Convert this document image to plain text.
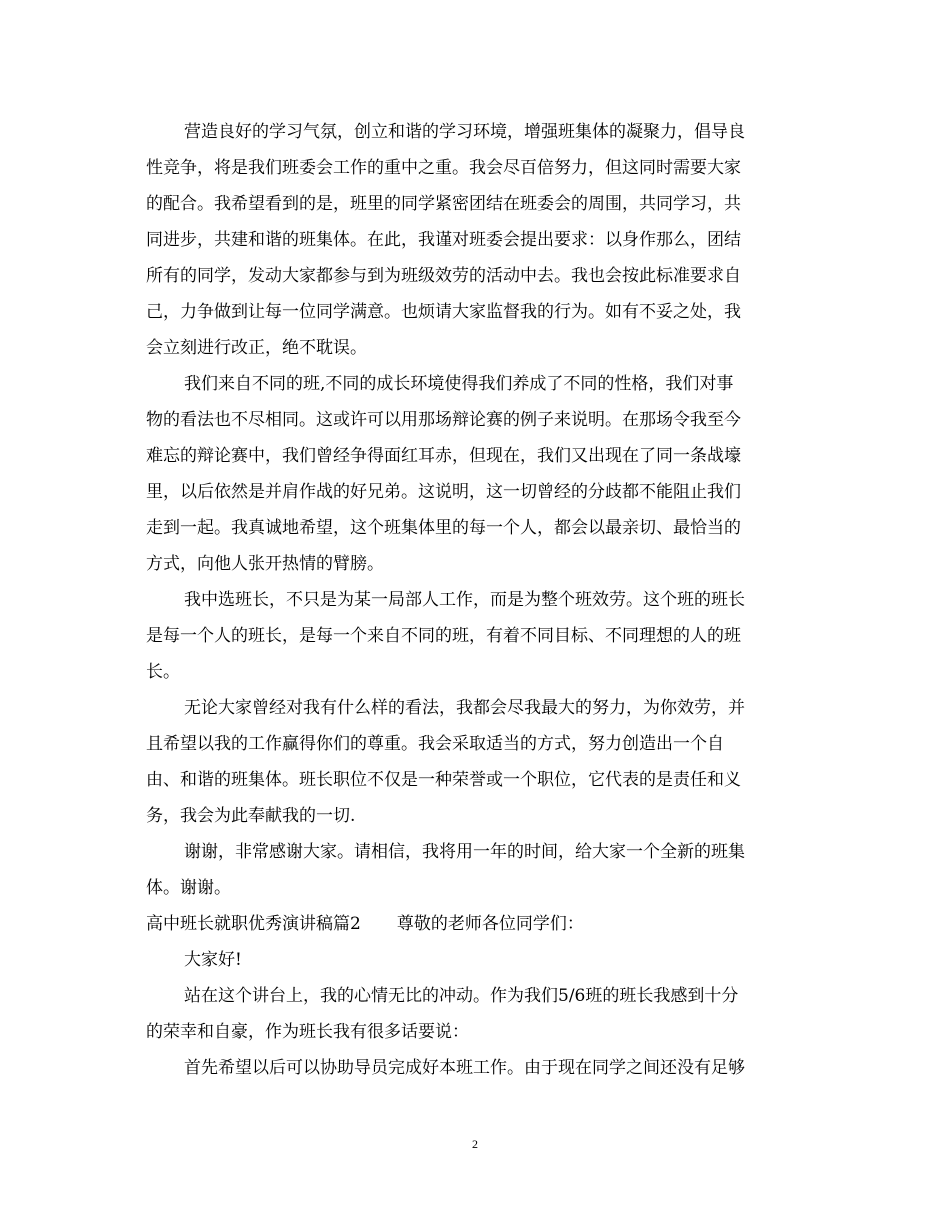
营造良好的学习气氛，创立和谐的学习环境，增强班集体的凝聚力，倡导良
性竞争，将是我们班委会工作的重中之重。我会尽百倍努力，但这同时需要大家
的配合。我希望看到的是，班里的同学紧密团结在班委会的周围，共同学习，共
同进步，共建和谐的班集体。在此，我谨对班委会提出要求：以身作那么，团结
所有的同学，发动大家都参与到为班级效劳的活动中去。我也会按此标准要求自
己，力争做到让每一位同学满意。也烦请大家监督我的行为。如有不妥之处，我
会立刻进行改正，绝不耽误。
我们来自不同的班,不同的成长环境使得我们养成了不同的性格，我们对事
物的看法也不尽相同。这或许可以用那场辩论赛的例子来说明。在那场令我至今
难忘的辩论赛中，我们曾经争得面红耳赤，但现在，我们又出现在了同一条战壕
里，以后依然是并肩作战的好兄弟。这说明，这一切曾经的分歧都不能阻止我们
走到一起。我真诚地希望，这个班集体里的每一个人，都会以最亲切、最恰当的
方式，向他人张开热情的臂膀。
我中选班长，不只是为某一局部人工作，而是为整个班效劳。这个班的班长
是每一个人的班长，是每一个来自不同的班，有着不同目标、不同理想的人的班
长。
无论大家曾经对我有什么样的看法，我都会尽我最大的努力，为你效劳，并
且希望以我的工作赢得你们的尊重。我会采取适当的方式，努力创造出一个自
由、和谐的班集体。班长职位不仅是一种荣誉或一个职位，它代表的是责任和义
务，我会为此奉献我的一切.
谢谢，非常感谢大家。请相信，我将用一年的时间，给大家一个全新的班集
体。谢谢。
高中班长就职优秀演讲稿篇2 尊敬的老师各位同学们：
大家好!
站在这个讲台上，我的心情无比的冲动。作为我们5/6班的班长我感到十分
的荣幸和自豪，作为班长我有很多话要说：
首先希望以后可以协助导员完成好本班工作。由于现在同学之间还没有足够
2
